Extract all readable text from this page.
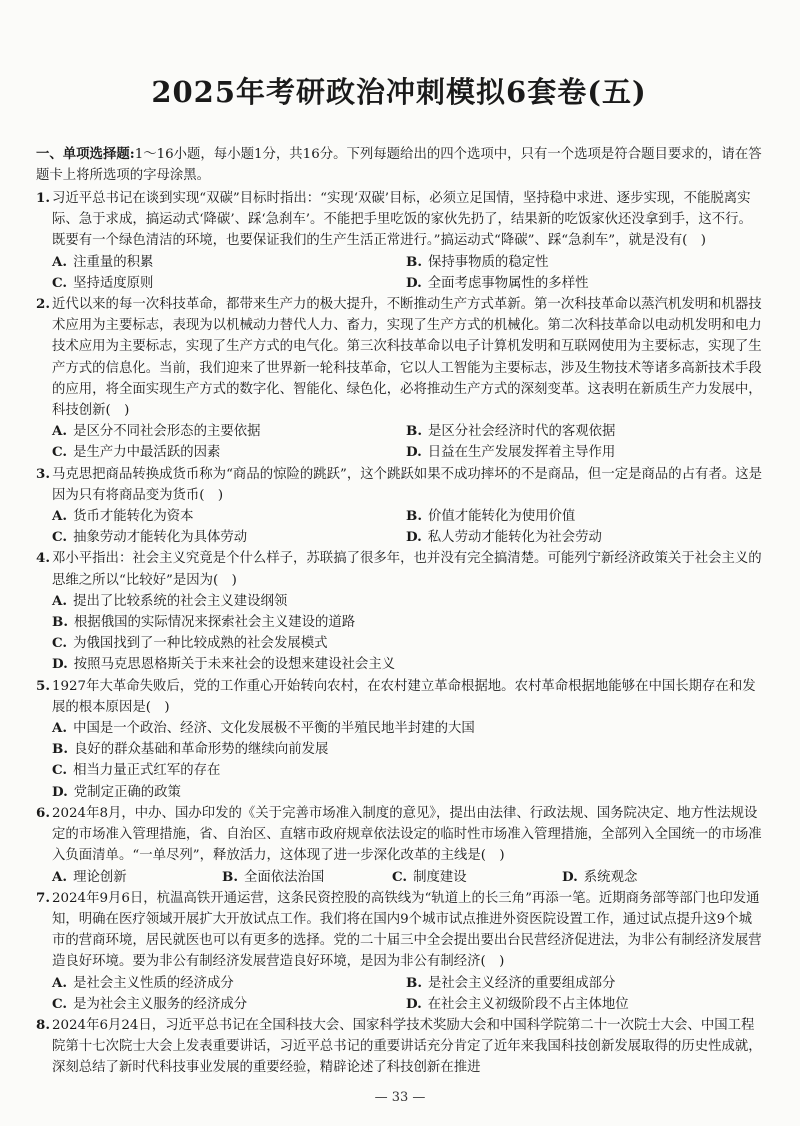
2025年考研政治冲刺模拟6套卷(五)
一、单项选择题:1～16小题，每小题1分，共16分。下列每题给出的四个选项中，只有一个选项是符合题目要求的，请在答题卡上将所选项的字母涂黑。
1. 习近平总书记在谈到实现“双碳”目标时指出：“实现‘双碳’目标，必须立足国情，坚持稳中求进、逐步实现，不能脱离实际、急于求成，搞运动式‘降碳’、踩‘急刹车’。不能把手里吃饭的家伙先扔了，结果新的吃饭家伙还没拿到手，这不行。既要有一个绿色清洁的环境，也要保证我们的生产生活正常进行。”搞运动式“降碳”、踩“急刹车”，就是没有(　)
A. 注重量的积累	B. 保持事物质的稳定性
C. 坚持适度原则	D. 全面考虑事物属性的多样性
2. 近代以来的每一次科技革命，都带来生产力的极大提升，不断推动生产方式革新。第一次科技革命以蒸汽机发明和机器技术应用为主要标志，表现为以机械动力替代人力、畜力，实现了生产方式的机械化。第二次科技革命以电动机发明和电力技术应用为主要标志，实现了生产方式的电气化。第三次科技革命以电子计算机发明和互联网使用为主要标志，实现了生产方式的信息化。当前，我们迎来了世界新一轮科技革命，它以人工智能为主要标志，涉及生物技术等诸多高新技术手段的应用，将全面实现生产方式的数字化、智能化、绿色化，必将推动生产方式的深刻变革。这表明在新质生产力发展中，科技创新(　)
A. 是区分不同社会形态的主要依据	B. 是区分社会经济时代的客观依据
C. 是生产力中最活跃的因素	D. 日益在生产发展发挥着主导作用
3. 马克思把商品转换成货币称为“商品的惊险的跳跃”，这个跳跃如果不成功摔坏的不是商品，但一定是商品的占有者。这是因为只有将商品变为货币(　)
A. 货币才能转化为资本	B. 价值才能转化为使用价值
C. 抽象劳动才能转化为具体劳动	D. 私人劳动才能转化为社会劳动
4. 邓小平指出：社会主义究竟是个什么样子，苏联搞了很多年，也并没有完全搞清楚。可能列宁新经济政策关于社会主义的思维之所以“比较好”是因为(　)
A. 提出了比较系统的社会主义建设纲领
B. 根据俄国的实际情况来探索社会主义建设的道路
C. 为俄国找到了一种比较成熟的社会发展模式
D. 按照马克思恩格斯关于未来社会的设想来建设社会主义
5. 1927年大革命失败后，党的工作重心开始转向农村，在农村建立革命根据地。农村革命根据地能够在中国长期存在和发展的根本原因是(　)
A. 中国是一个政治、经济、文化发展极不平衡的半殖民地半封建的大国
B. 良好的群众基础和革命形势的继续向前发展
C. 相当力量正式红军的存在
D. 党制定正确的政策
6. 2024年8月，中办、国办印发的《关于完善市场准入制度的意见》，提出由法律、行政法规、国务院决定、地方性法规设定的市场准入管理措施，省、自治区、直辖市政府规章依法设定的临时性市场准入管理措施，全部列入全国统一的市场准入负面清单。“一单尽列”，释放活力，这体现了进一步深化改革的主线是(　)
A. 理论创新	B. 全面依法治国	C. 制度建设	D. 系统观念
7. 2024年9月6日，杭温高铁开通运营，这条民资控股的高铁线为“轨道上的长三角”再添一笔。近期商务部等部门也印发通知，明确在医疗领域开展扩大开放试点工作。我们将在国内9个城市试点推进外资医院设置工作，通过试点提升这9个城市的营商环境，居民就医也可以有更多的选择。党的二十届三中全会提出要出台民营经济促进法，为非公有制经济发展营造良好环境。要为非公有制经济发展营造良好环境，是因为非公有制经济(　)
A. 是社会主义性质的经济成分	B. 是社会主义经济的重要组成部分
C. 是为社会主义服务的经济成分	D. 在社会主义初级阶段不占主体地位
8. 2024年6月24日，习近平总书记在全国科技大会、国家科学技术奖励大会和中国科学院第二十一次院士大会、中国工程院第十七次院士大会上发表重要讲话，习近平总书记的重要讲话充分肯定了近年来我国科技创新发展取得的历史性成就，深刻总结了新时代科技事业发展的重要经验，精辟论述了科技创新在推进
— 33 —
